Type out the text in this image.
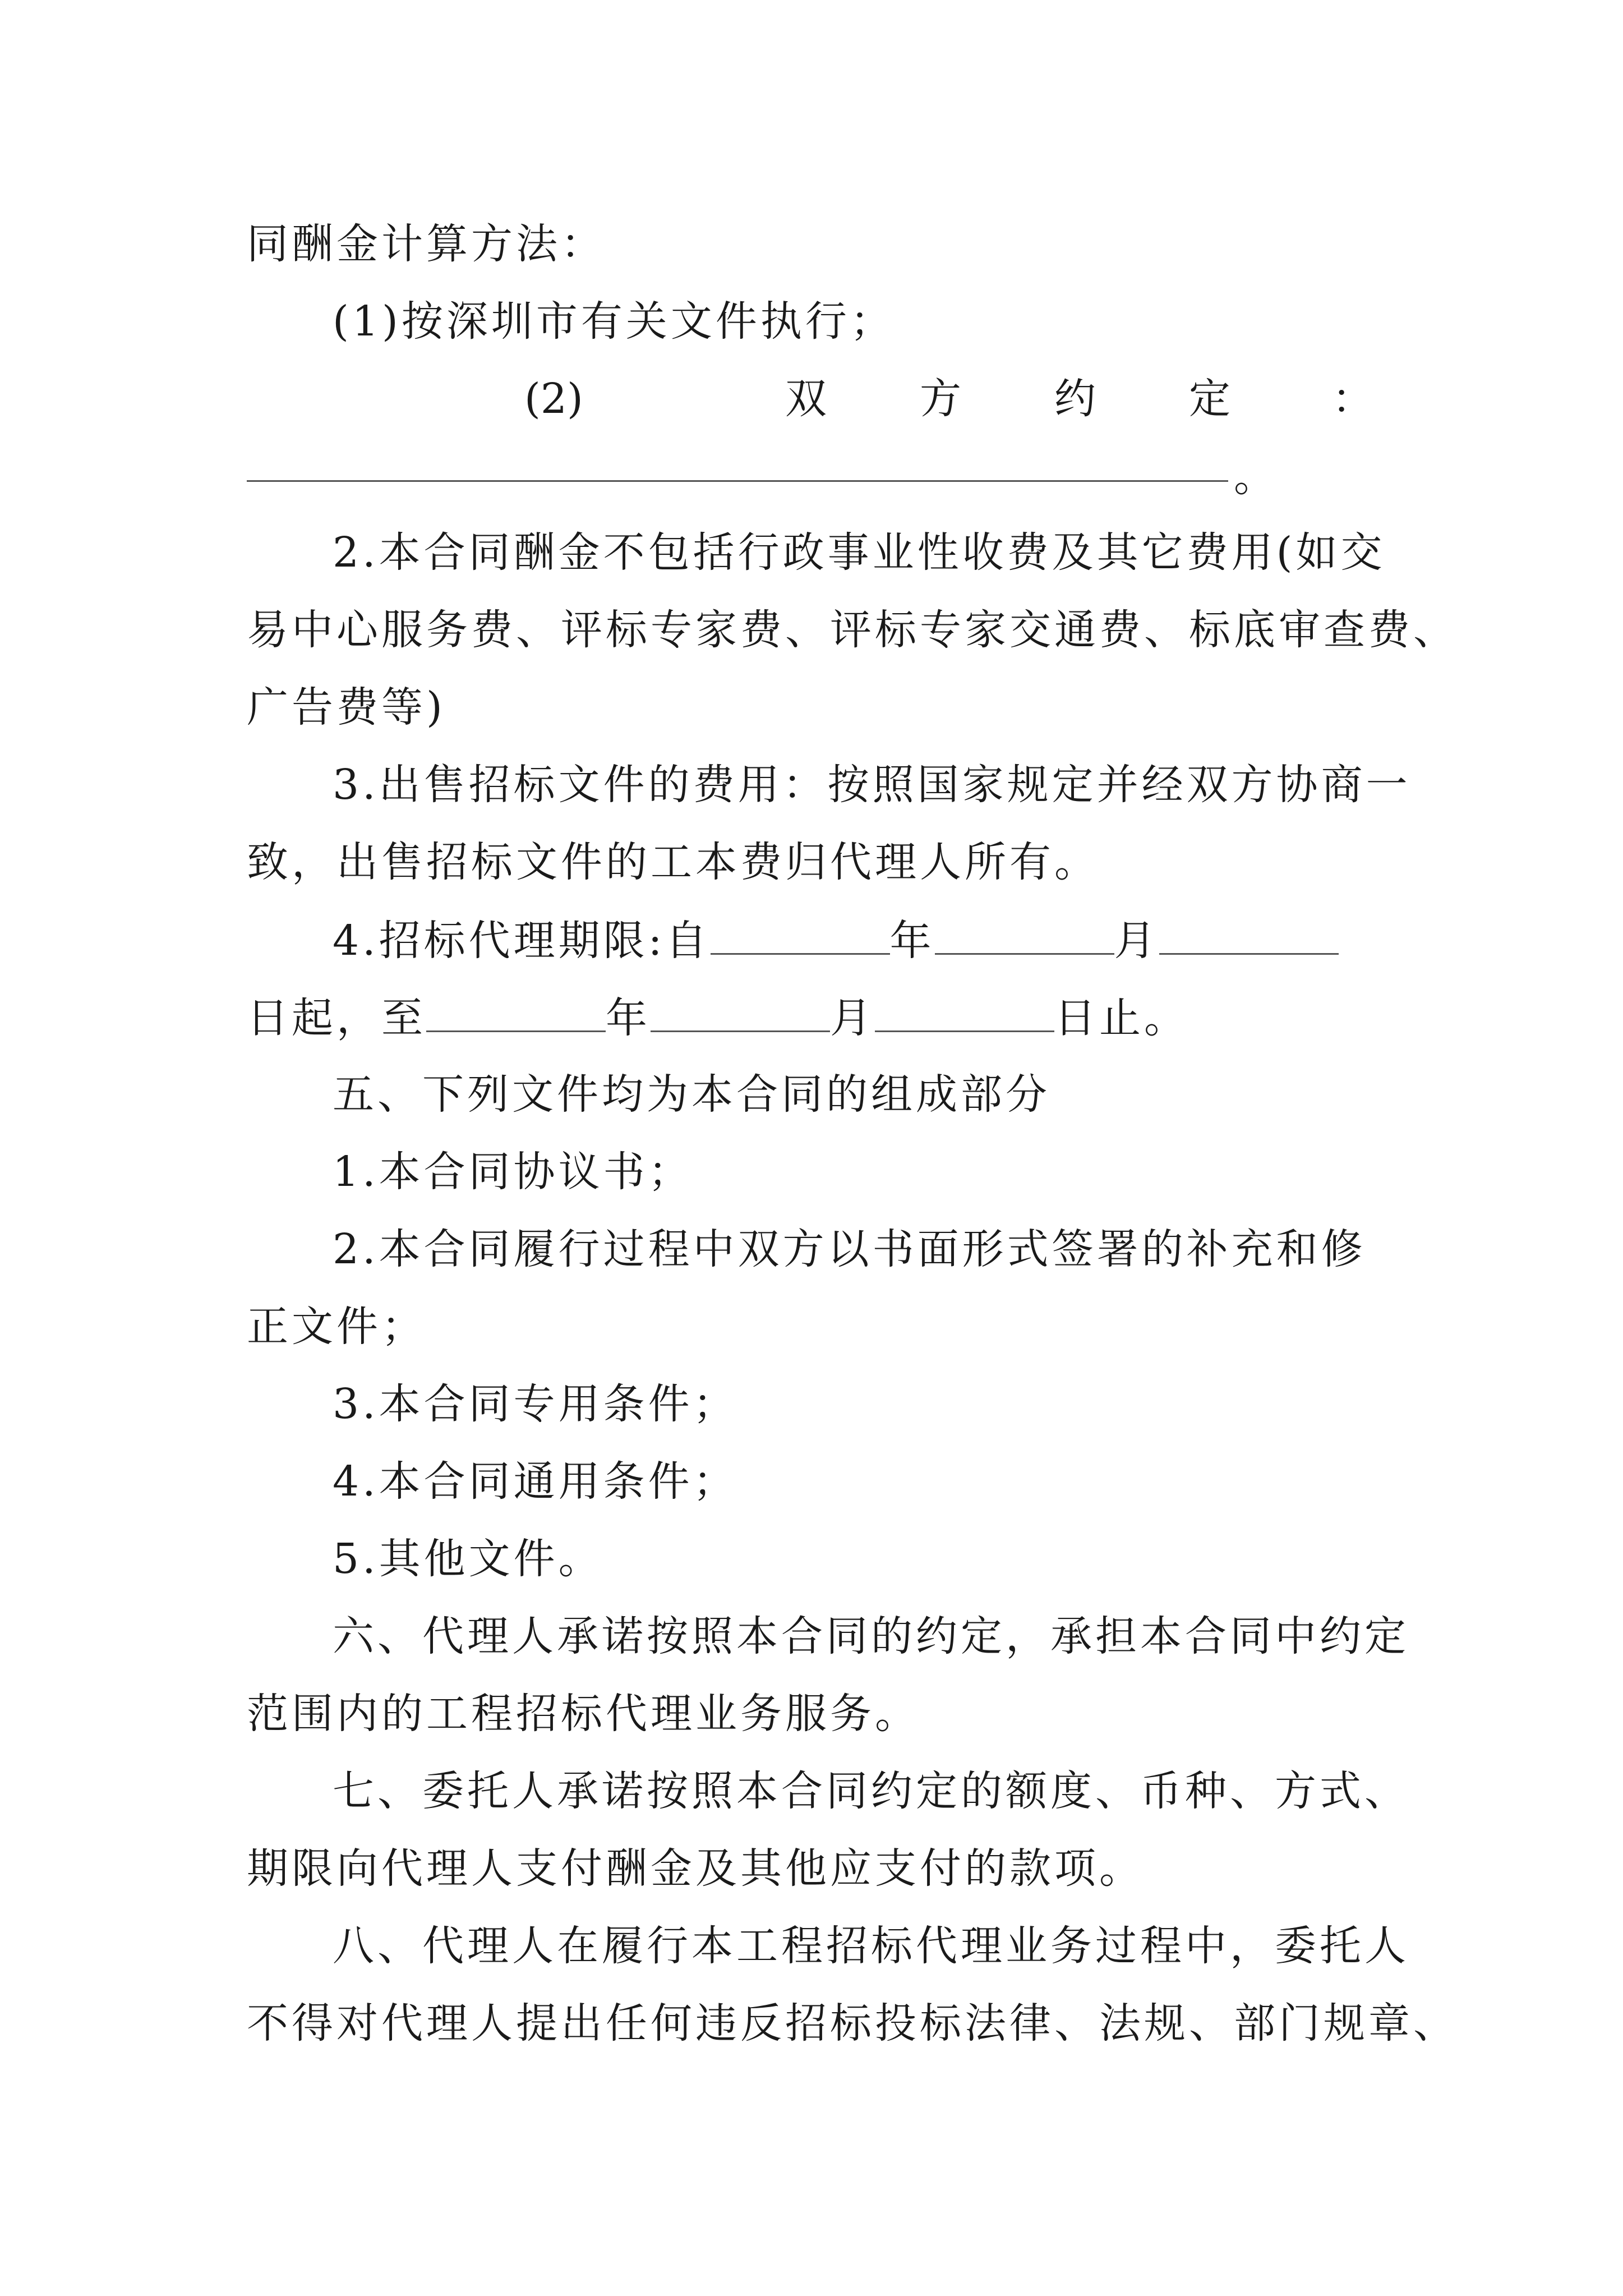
同酬金计算方法：
(1)按深圳市有关文件执行；
(2)	双 方 约 定 ：
。
2.本合同酬金不包括行政事业性收费及其它费用(如交
易中心服务费、评标专家费、评标专家交通费、标底审查费、
广告费等)
3.出售招标文件的费用：按照国家规定并经双方协商一
致，出售招标文件的工本费归代理人所有。
4.招标代理期限:自	年	月
日起，至	年	月	日止。
五、下列文件均为本合同的组成部分
1.本合同协议书；
2.本合同履行过程中双方以书面形式签署的补充和修
正文件；
3.本合同专用条件；
4.本合同通用条件；
5.其他文件。
六、代理人承诺按照本合同的约定，承担本合同中约定
范围内的工程招标代理业务服务。
七、委托人承诺按照本合同约定的额度、币种、方式、
期限向代理人支付酬金及其他应支付的款项。
八、代理人在履行本工程招标代理业务过程中，委托人
不得对代理人提出任何违反招标投标法律、法规、部门规章、
